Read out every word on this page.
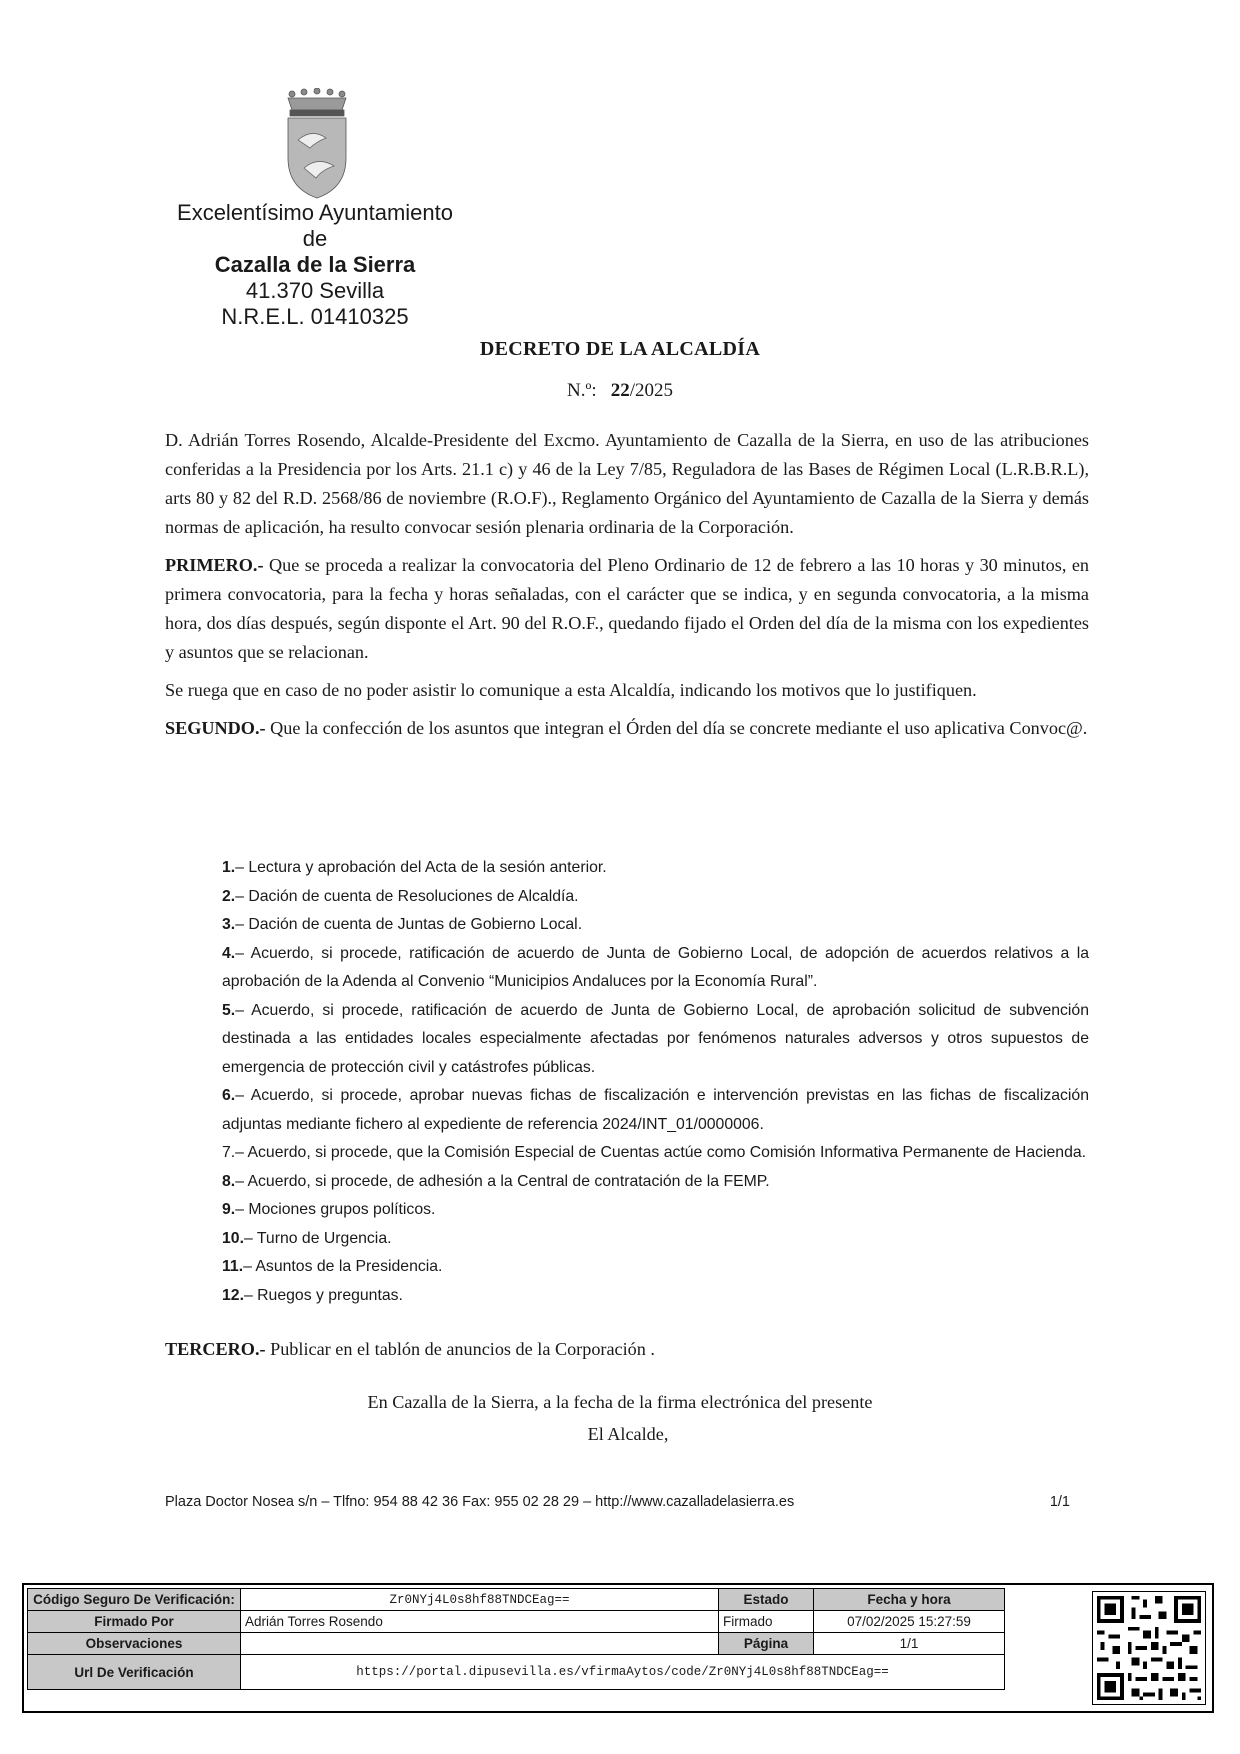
Excelentísimo Ayuntamiento
de
Cazalla de la Sierra
41.370 Sevilla
N.R.E.L. 01410325
DECRETO DE LA ALCALDÍA
N.º: 22/2025

D. Adrián Torres Rosendo, Alcalde-Presidente del Excmo. Ayuntamiento de Cazalla de la Sierra, en uso de las atribuciones conferidas a la Presidencia por los Arts. 21.1 c) y 46 de la Ley 7/85, Reguladora de las Bases de Régimen Local (L.R.B.R.L), arts 80 y 82 del R.D. 2568/86 de noviembre (R.O.F)., Reglamento Orgánico del Ayuntamiento de Cazalla de la Sierra y demás normas de aplicación, ha resulto convocar sesión plenaria ordinaria de la Corporación.

PRIMERO.- Que se proceda a realizar la convocatoria del Pleno Ordinario de 12 de febrero a las 10 horas y 30 minutos, en primera convocatoria, para la fecha y horas señaladas, con el carácter que se indica, y en segunda convocatoria, a la misma hora, dos días después, según disponte el Art. 90 del R.O.F., quedando fijado el Orden del día de la misma con los expedientes y asuntos que se relacionan.

Se ruega que en caso de no poder asistir lo comunique a esta Alcaldía, indicando los motivos que lo justifiquen.

SEGUNDO.- Que la confección de los asuntos que integran el Órden del día se concrete mediante el uso aplicativa Convoc@.

1.– Lectura y aprobación del Acta de la sesión anterior.

2.– Dación de cuenta de Resoluciones de Alcaldía.

3.– Dación de cuenta de Juntas de Gobierno Local.

4.– Acuerdo, si procede, ratificación de acuerdo de Junta de Gobierno Local, de adopción de acuerdos relativos a la aprobación de la Adenda al Convenio “Municipios Andaluces por la Economía Rural”.

5.– Acuerdo, si procede, ratificación de acuerdo de Junta de Gobierno Local, de aprobación solicitud de subvención destinada a las entidades locales especialmente afectadas por fenómenos naturales adversos y otros supuestos de emergencia de protección civil y catástrofes públicas.

6.– Acuerdo, si procede, aprobar nuevas fichas de fiscalización e intervención previstas en las fichas de fiscalización adjuntas mediante fichero al expediente de referencia 2024/INT_01/0000006.

7.– Acuerdo, si procede, que la Comisión Especial de Cuentas actúe como Comisión Informativa Permanente de Hacienda.

8.– Acuerdo, si procede, de adhesión a la Central de contratación de la FEMP.

9.– Mociones grupos políticos.

10.– Turno de Urgencia.

11.– Asuntos de la Presidencia.

12.– Ruegos y preguntas.

TERCERO.- Publicar en el tablón de anuncios de la Corporación .
En Cazalla de la Sierra, a la fecha de la firma electrónica del presente
El Alcalde,
Plaza Doctor Nosea s/n – Tlfno: 954 88 42 36 Fax: 955 02 28 29 – http://www.cazalladelasierra.es	1/1
Código Seguro De Verificación:	Zr0NYj4L0s8hf88TNDCEag==	Estado	Fecha y hora
Firmado Por	Adrián Torres Rosendo	Firmado	07/02/2025 15:27:59
Observaciones		Página	1/1
Url De Verificación	https://portal.dipusevilla.es/vfirmaAytos/code/Zr0NYj4L0s8hf88TNDCEag==		
